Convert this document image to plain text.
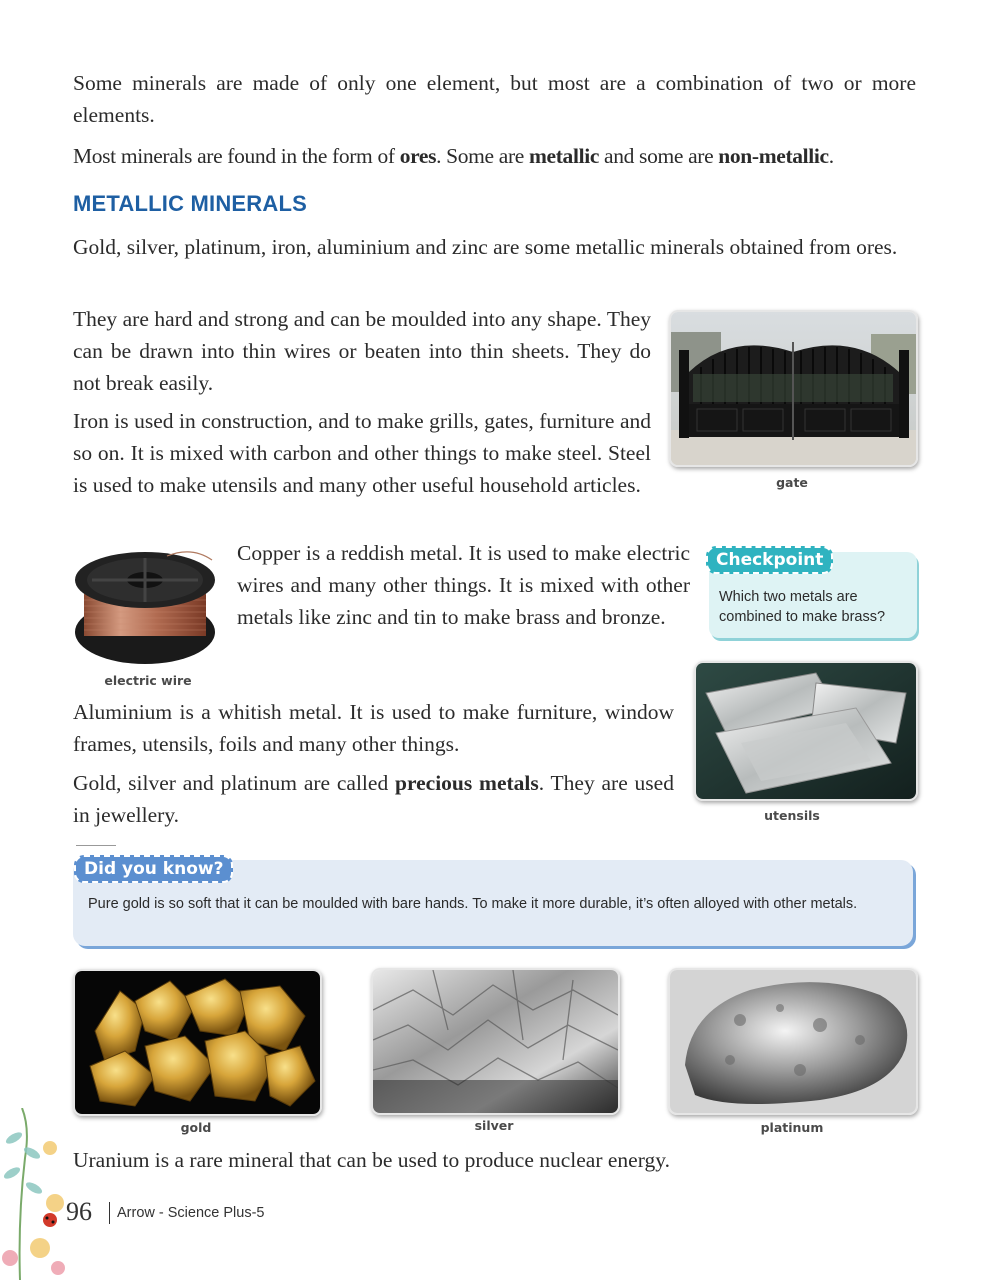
Some minerals are made of only one element, but most are a combination of two or more elements.

Most minerals are found in the form of ores. Some are metallic and some are non-metallic.

METALLIC MINERALS

Gold, silver, platinum, iron, aluminium and zinc are some metallic minerals obtained from ores.

They are hard and strong and can be moulded into any shape. They can be drawn into thin wires or beaten into thin sheets. They do not break easily.

Iron is used in construction, and to make grills, gates, furniture and so on. It is mixed with carbon and other things to make steel. Steel is used to make utensils and many other useful household articles.

Copper is a reddish metal. It is used to make electric wires and many other things. It is mixed with other metals like zinc and tin to make brass and bronze.

Aluminium is a whitish metal. It is used to make furniture, window frames, utensils, foils and many other things.

Gold, silver and platinum are called precious metals. They are used in jewellery.

Uranium is a rare mineral that can be used to produce nuclear energy.

gate
electric wire
Checkpoint
Which two metals are combined to make brass?
utensils
Did you know?
Pure gold is so soft that it can be moulded with bare hands. To make it more durable, it’s often alloyed with other metals.
gold	silver	platinum
96	Arrow - Science Plus-5
